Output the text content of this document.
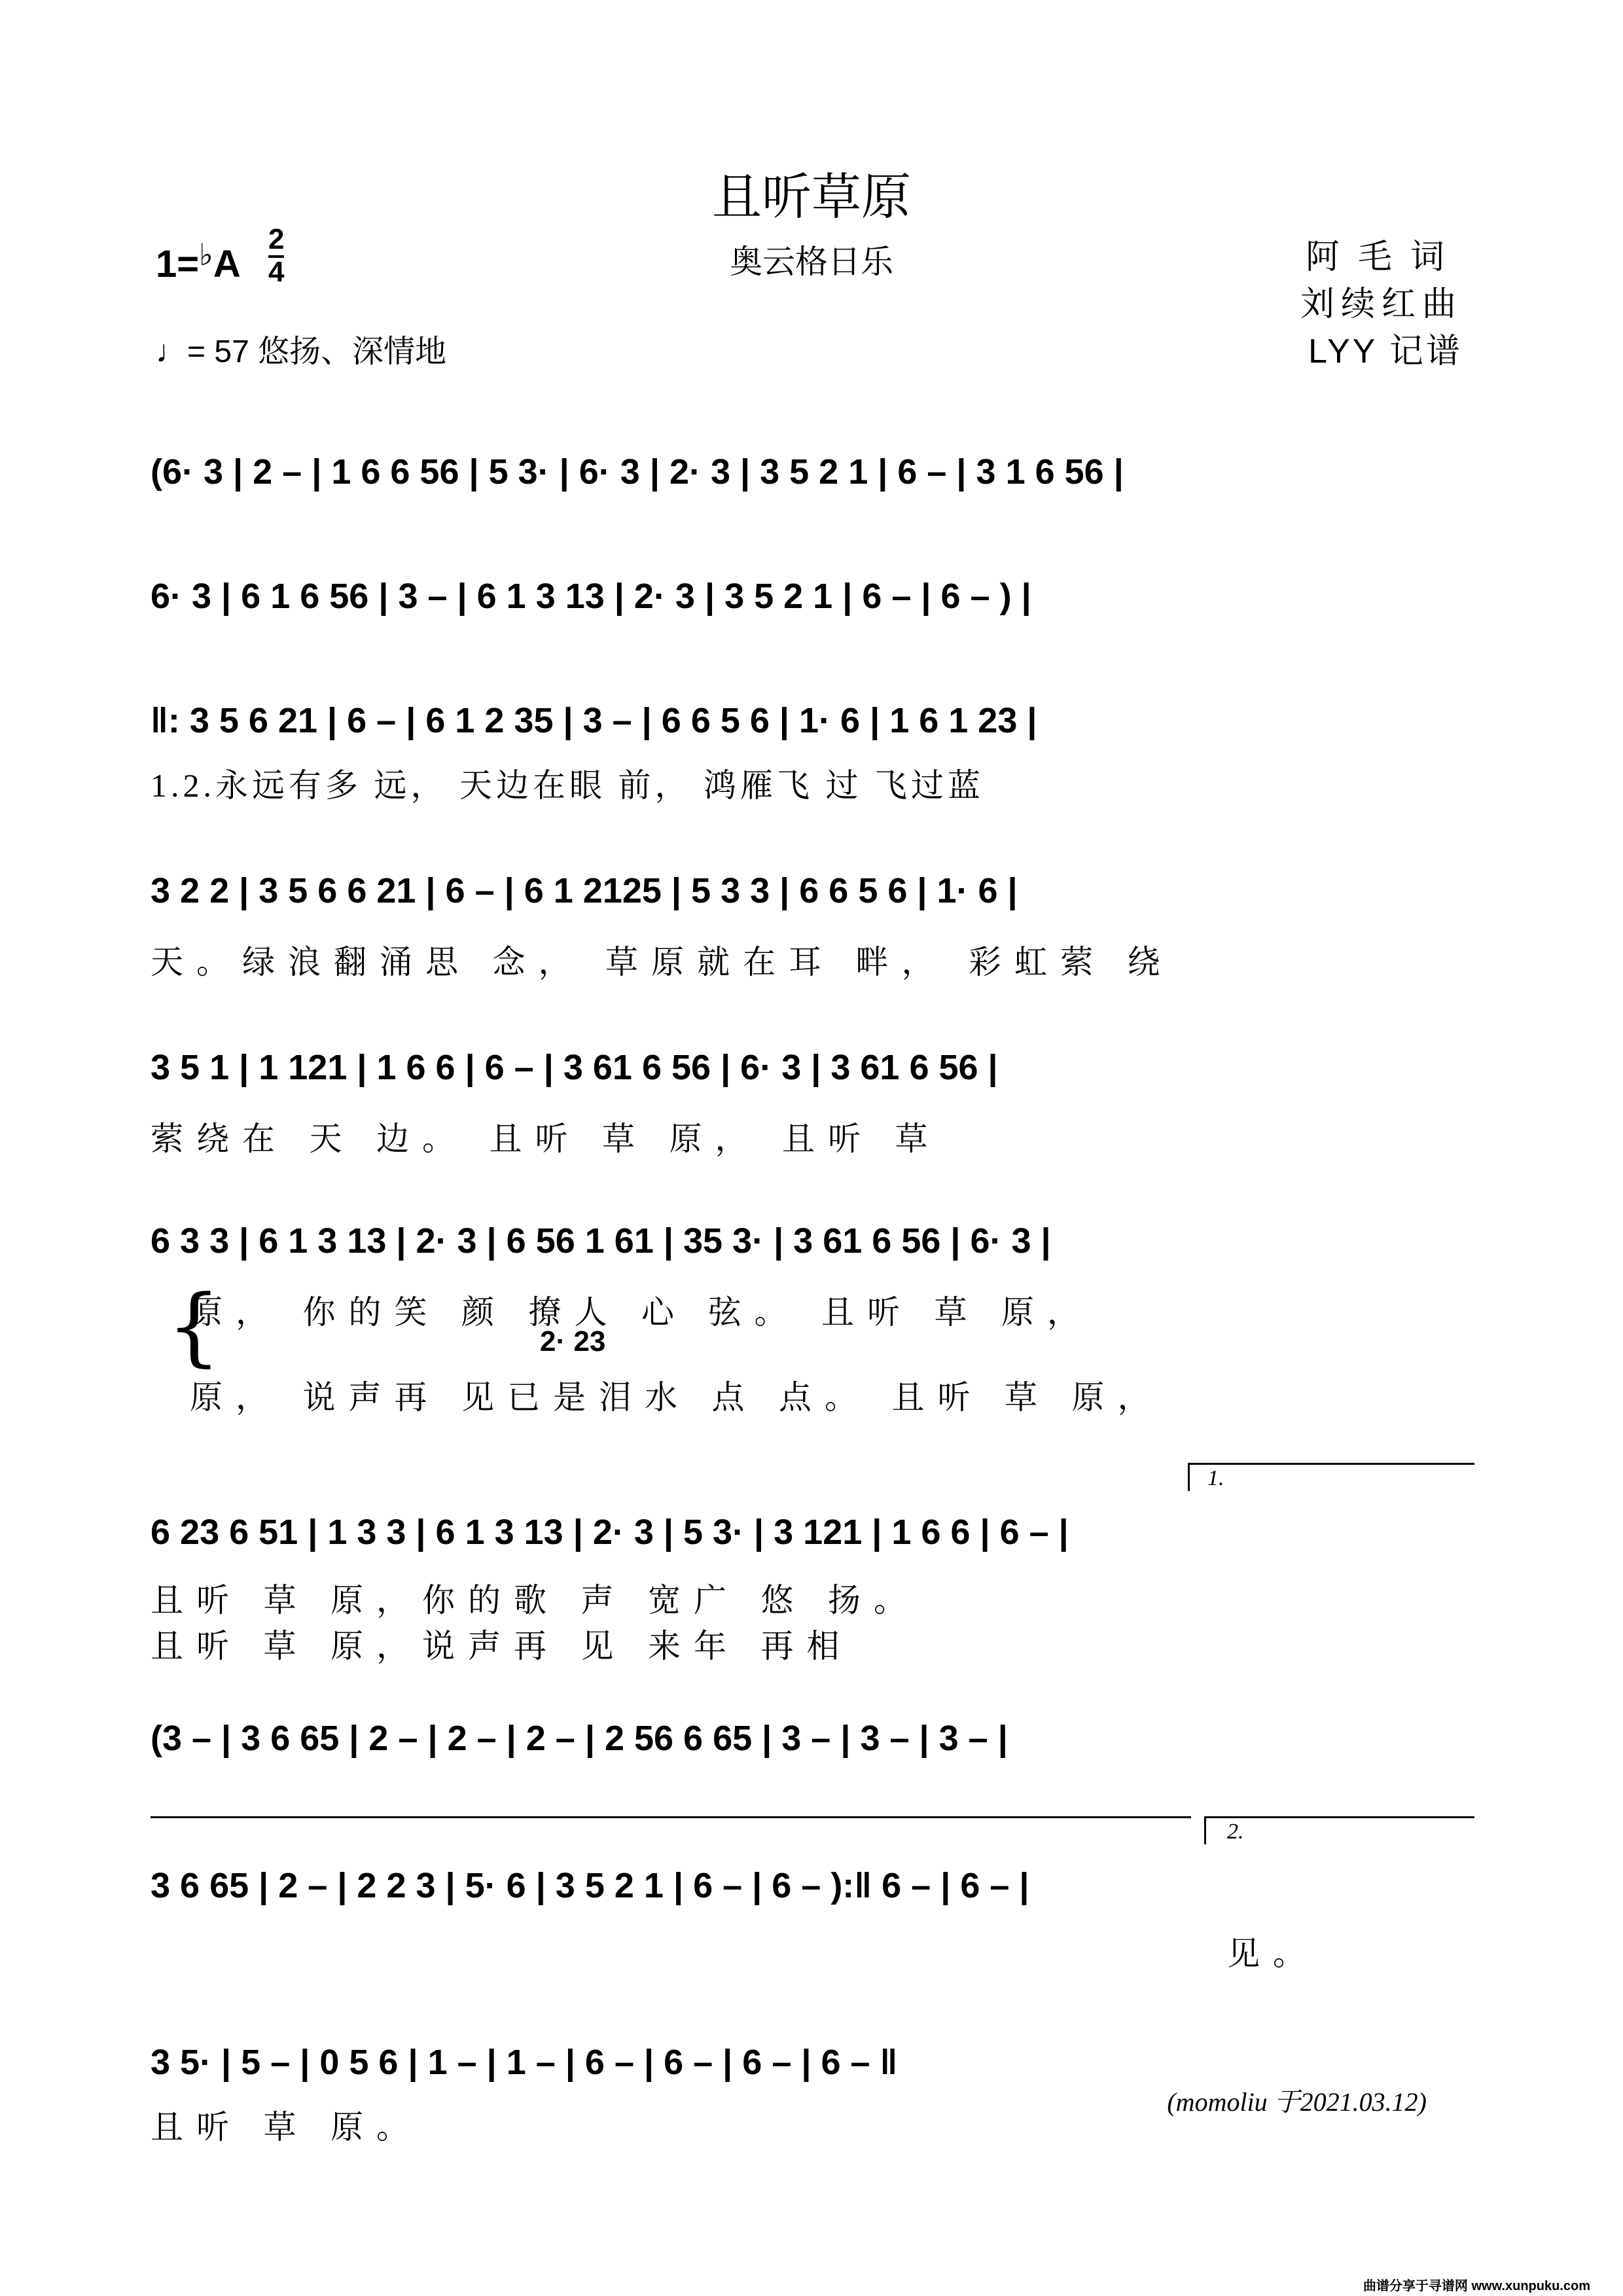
且听草原
奥云格日乐
1=♭A
2
4
♩= 57 悠扬、深情地
阿毛词
刘续红曲
LYY 记谱
(6· 3 | 2 – | 1 6 6 56 | 5 3· | 6· 3 | 2· 3 | 3 5 2 1 | 6 – | 3 1 6 56 |
6· 3 | 6 1 6 56 | 3 – | 6 1 3 13 | 2· 3 | 3 5 2 1 | 6 – | 6 – ) |
‖: 3 5 6 21 | 6 – | 6 1 2 35 | 3 – | 6 6 5 6 | 1· 6 | 1 6 1 23 |
1.2.永远有多 远， 天边在眼 前， 鸿雁飞 过 飞过蓝
3 2 2 | 3 5 6 6 21 | 6 – | 6 1 2125 | 5 3 3 | 6 6 5 6 | 1· 6 |
天。绿浪翻涌思 念， 草原就在耳 畔， 彩虹萦 绕
3 5 1 | 1 121 | 1 6 6 | 6 – | 3 61 6 56 | 6· 3 | 3 61 6 56 |
萦绕在 天 边。 且听 草 原， 且听 草
6 3 3 | 6 1 3 13 | 2· 3 | 6 56 1 61 | 35 3· | 3 61 6 56 | 6· 3 |
{
原， 你的笑 颜 撩人 心 弦。 且听 草 原，
2· 23
原， 说声再 见已是泪水 点 点。 且听 草 原，
1.
6 23 6 51 | 1 3 3 | 6 1 3 13 | 2· 3 | 5 3· | 3 121 | 1 6 6 | 6 – |
且听 草 原，你的歌 声 宽广 悠 扬。
且听 草 原，说声再 见 来年 再相
(3 – | 3 6 65 | 2 – | 2 – | 2 – | 2 56 6 65 | 3 – | 3 – | 3 – |
2.
3 6 65 | 2 – | 2 2 3 | 5· 6 | 3 5 2 1 | 6 – | 6 – ):‖ 6 – | 6 – |
见。
3 5· | 5 – | 0 5 6 | 1 – | 1 – | 6 – | 6 – | 6 – | 6 – ‖
且听 草 原。
(momoliu 于2021.03.12)
曲谱分享于寻谱网 www.xunpuku.com
